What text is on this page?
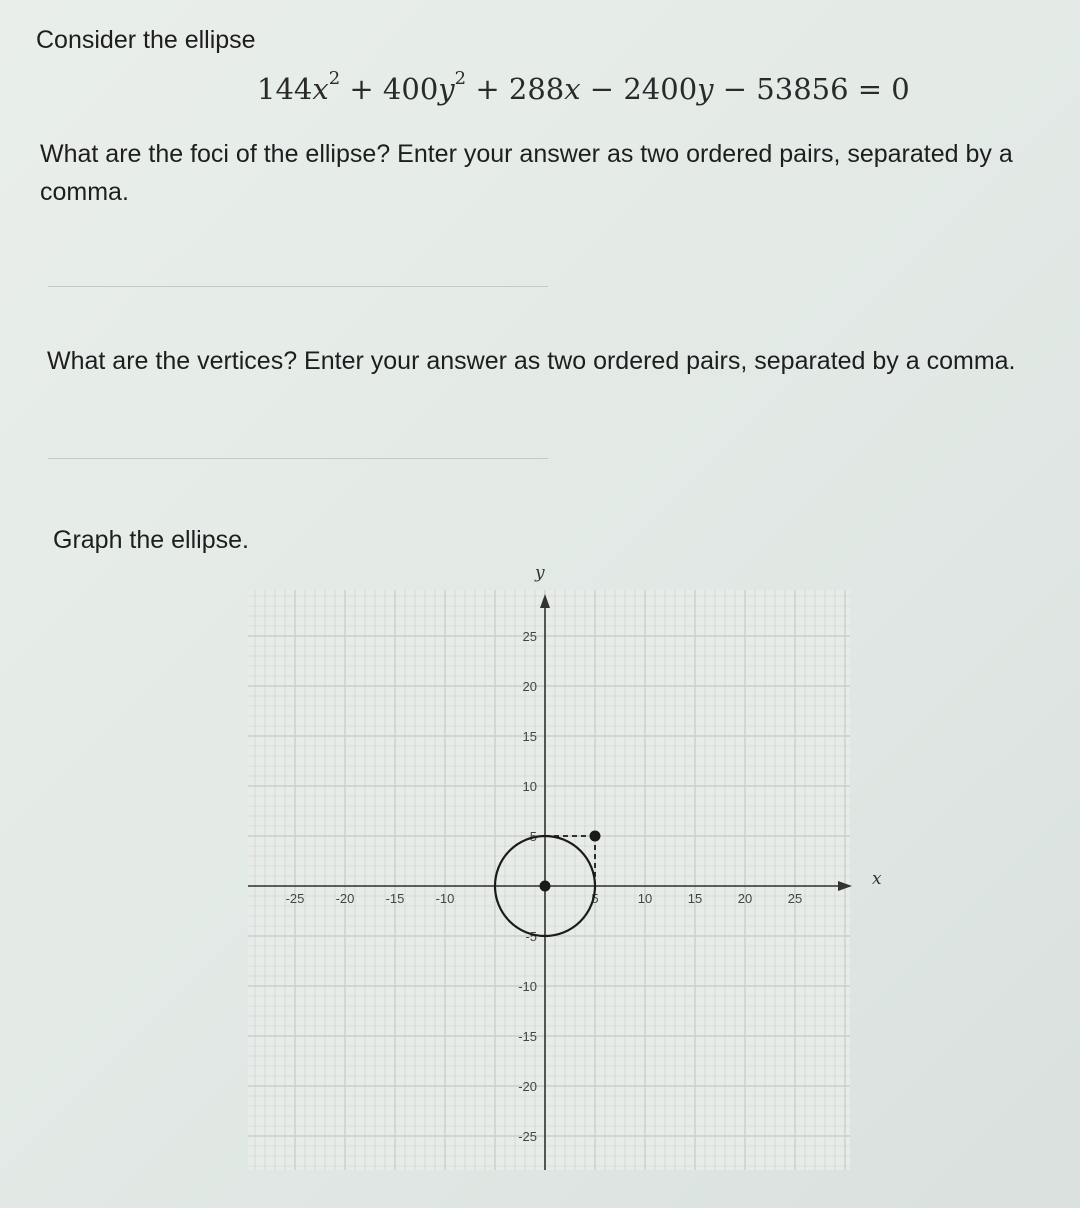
Consider the ellipse

$144x^2 + 400y^2 + 288x - 2400y - 53856 = 0$

What are the foci of the ellipse? Enter your answer as two ordered pairs, separated by a comma.

What are the vertices? Enter your answer as two ordered pairs, separated by a comma.

Graph the ellipse.

x
y
-25 -20 -15 -10	5	10	15	20	25
25
20
15
10
5
-5
-10
-15
-20
-25
